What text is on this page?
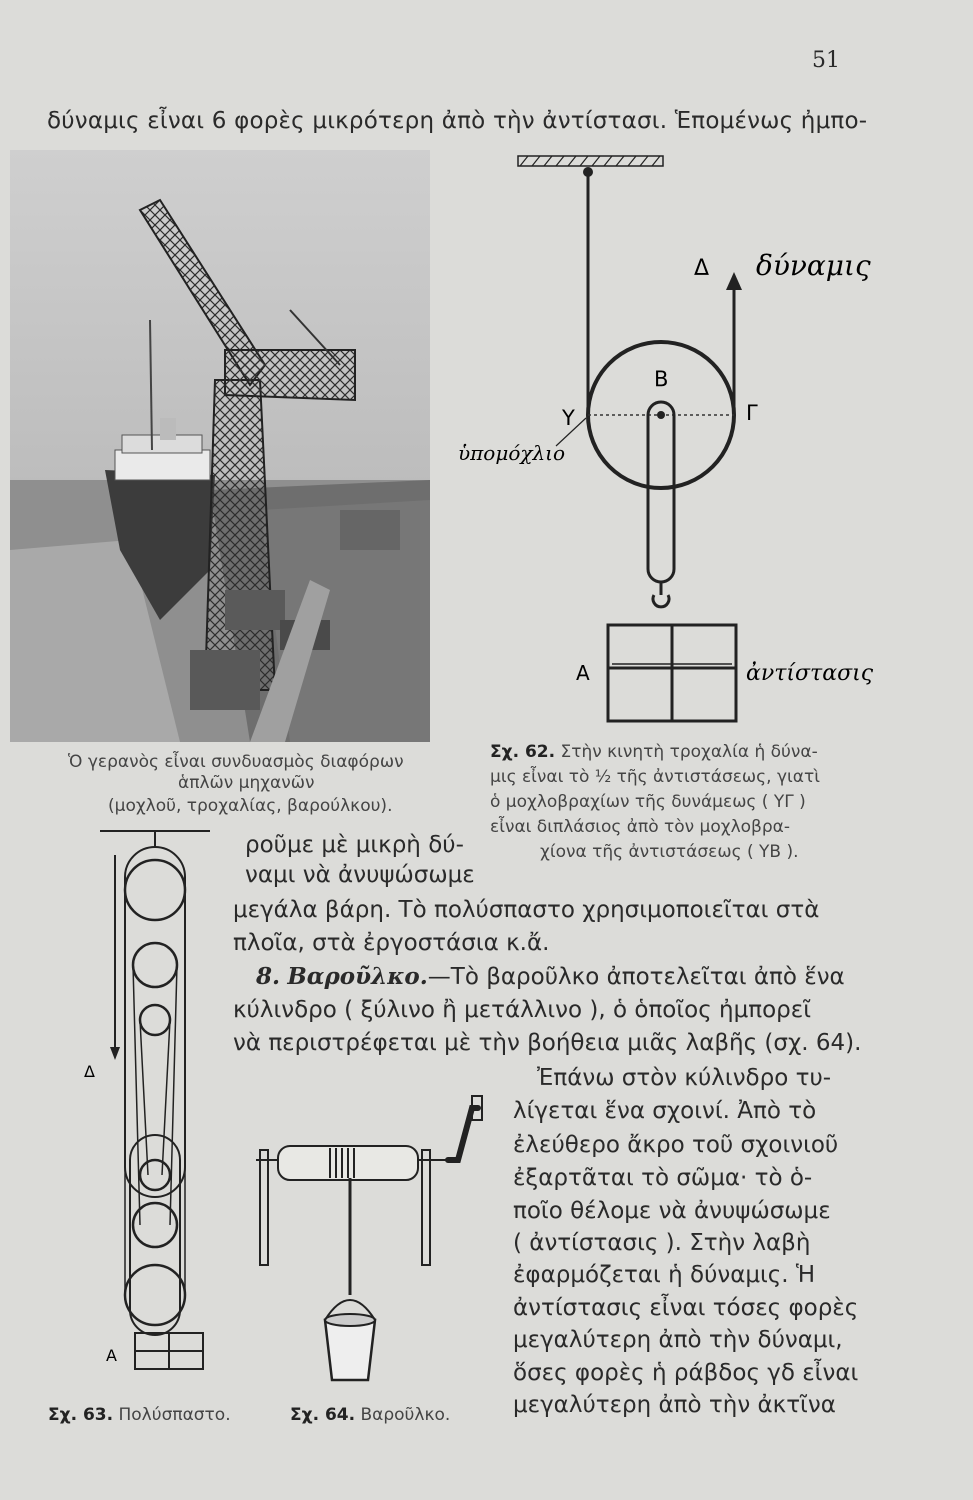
51

δύναμις εἶναι 6 φορὲς μικρότερη ἀπὸ τὴν ἀντίστασι. Ἑπομένως ἠμπο-

Ὁ γερανὸς εἶναι συνδυασμὸς διαφόρων

ἁπλῶν μηχανῶν

(μοχλοῦ, τροχαλίας, βαρούλκου).

Δ δύναμις
Β
Υ	Γ
ὑπομόχλιο
Α	ἀντίστασις

Σχ. 62. Στὴν κινητὴ τροχαλία ἡ δύνα-

μις εἶναι τὸ ½ τῆς ἀντιστάσεως, γιατὶ

ὁ μοχλοβραχίων τῆς δυνάμεως ( ΥΓ )

εἶναι διπλάσιος ἀπὸ τὸν μοχλοβρα-

χίονα τῆς ἀντιστάσεως ( ΥΒ ).

ροῦμε μὲ μικρὴ δύ-

ναμι νὰ ἀνυψώσωμε

μεγάλα βάρη. Τὸ πολύσπαστο χρησιμοποιεῖται στὰ

πλοῖα, στὰ ἐργοστάσια κ.ἄ.

8. Βαροῦλκο.—Τὸ βαροῦλκο ἀποτελεῖται ἀπὸ ἕνα

κύλινδρο ( ξύλινο ἢ μετάλλινο ), ὁ ὁποῖος ἠμπορεῖ

νὰ περιστρέφεται μὲ τὴν βοήθεια μιᾶς λαβῆς (σχ. 64).

Ἐπάνω στὸν κύλινδρο τυ-

λίγεται ἕνα σχοινί. Ἀπὸ τὸ

ἐλεύθερο ἄκρο τοῦ σχοινιοῦ

ἐξαρτᾶται τὸ σῶμα· τὸ ὁ-

ποῖο θέλομε νὰ ἀνυψώσωμε

( ἀντίστασις ). Στὴν λαβὴ

ἐφαρμόζεται ἡ δύναμις. Ἡ

ἀντίστασις εἶναι τόσες φορὲς

μεγαλύτερη ἀπὸ τὴν δύναμι,

ὅσες φορὲς ἡ ράβδος γδ εἶναι

μεγαλύτερη ἀπὸ τὴν ἀκτῖνα

Δ
Α

Σχ. 63. Πολύσπαστο.	Σχ. 64. Βαροῦλκο.
